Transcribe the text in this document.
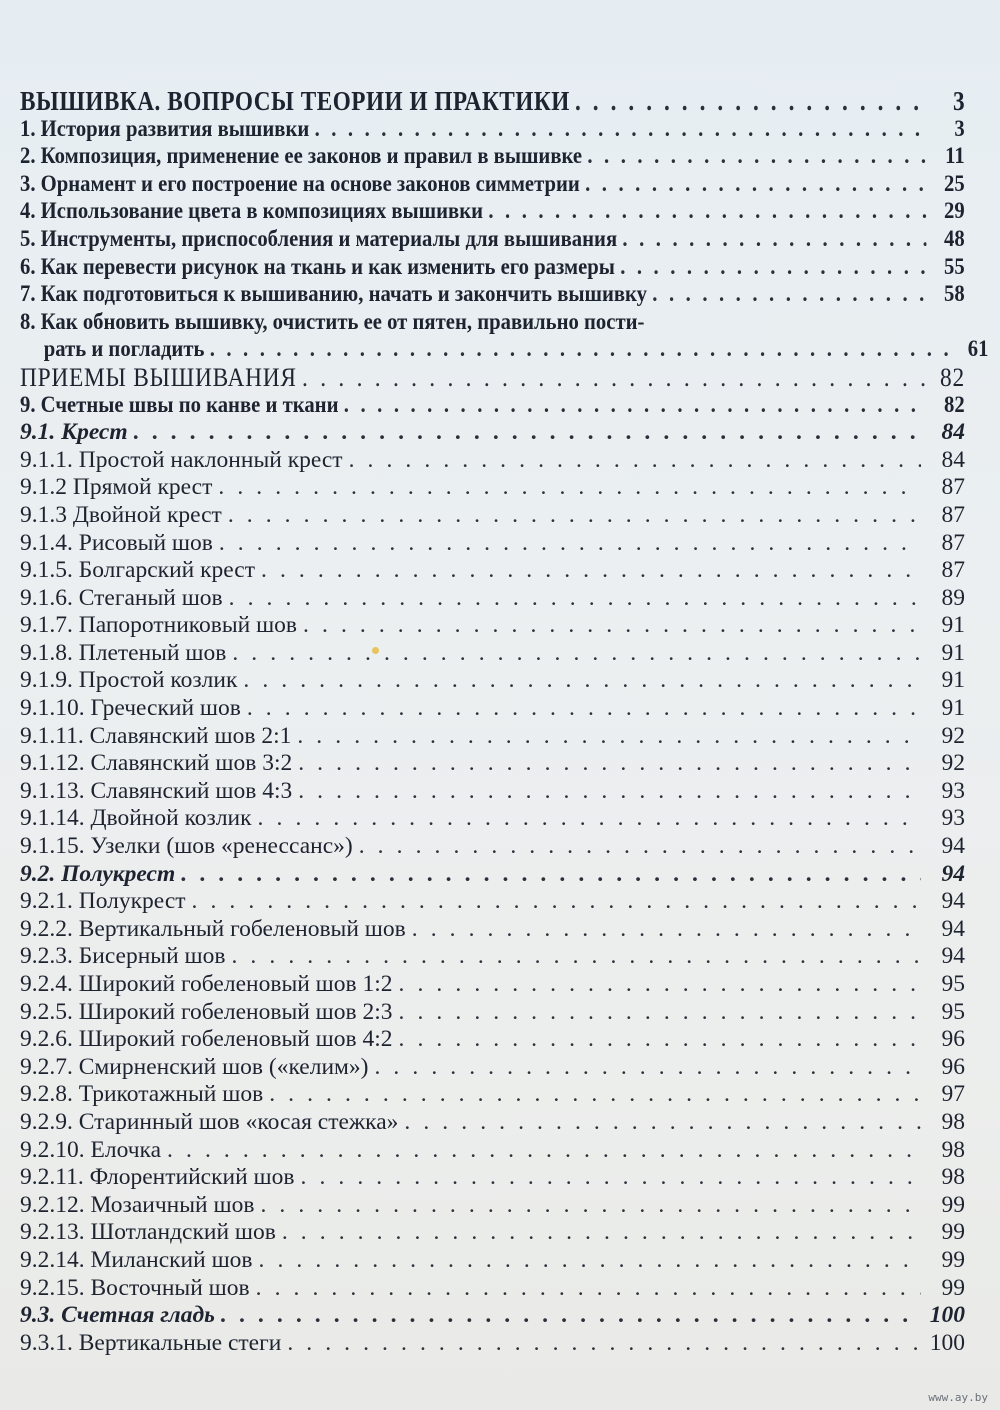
ВЫШИВКА. ВОПРОСЫ ТЕОРИИ И ПРАКТИКИ . . .	3
1. История развития вышивки . . .	3
2. Композиция, применение ее законов и правил в вышивке . . .	11
3. Орнамент и его построение на основе законов симметрии . . .	25
4. Использование цвета в композициях вышивки . . .	29
5. Инструменты, приспособления и материалы для вышивания . . .	48
6. Как перевести рисунок на ткань и как изменить его размеры . . .	55
7. Как подготовиться к вышиванию, начать и закончить вышивку . . .	58
8. Как обновить вышивку, очистить ее от пятен, правильно пости-
рать и погладить . . .	61
ПРИЕМЫ ВЫШИВАНИЯ . . .	82
9. Счетные швы по канве и ткани . . .	82
9.1. Крест . . .	84
9.1.1. Простой наклонный крест . . .	84
9.1.2 Прямой крест . . .	87
9.1.3 Двойной крест . . .	87
9.1.4. Рисовый шов . . .	87
9.1.5. Болгарский крест . . .	87
9.1.6. Стеганый шов . . .	89
9.1.7. Папоротниковый шов . . .	91
9.1.8. Плетеный шов . . .	91
9.1.9. Простой козлик . . .	91
9.1.10. Греческий шов . . .	91
9.1.11. Славянский шов 2:1 . . .	92
9.1.12. Славянский шов 3:2 . . .	92
9.1.13. Славянский шов 4:3 . . .	93
9.1.14. Двойной козлик . . .	93
9.1.15. Узелки (шов «ренессанс») . . .	94
9.2. Полукрест . . .	94
9.2.1. Полукрест . . .	94
9.2.2. Вертикальный гобеленовый шов . . .	94
9.2.3. Бисерный шов . . .	94
9.2.4. Широкий гобеленовый шов 1:2 . . .	95
9.2.5. Широкий гобеленовый шов 2:3 . . .	95
9.2.6. Широкий гобеленовый шов 4:2 . . .	96
9.2.7. Смирненский шов («келим») . . .	96
9.2.8. Трикотажный шов . . .	97
9.2.9. Старинный шов «косая стежка» . . .	98
9.2.10. Елочка . . .	98
9.2.11. Флорентийский шов . . .	98
9.2.12. Мозаичный шов . . .	99
9.2.13. Шотландский шов . . .	99
9.2.14. Миланский шов . . .	99
9.2.15. Восточный шов . . .	99
9.3. Счетная гладь . . .	100
9.3.1. Вертикальные стеги . . .	100
www.ay.by
